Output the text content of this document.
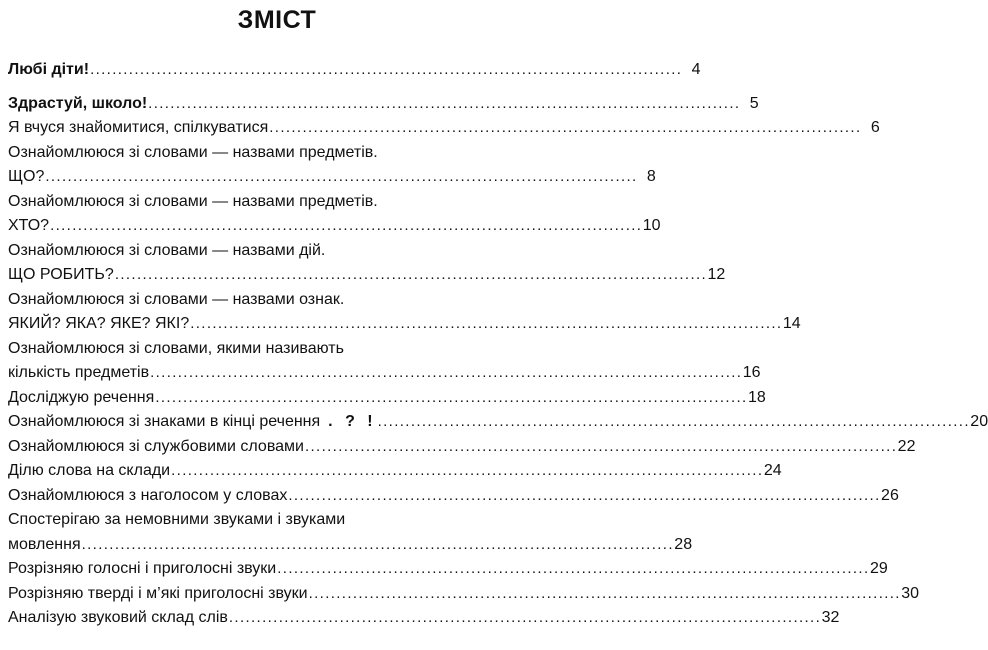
ЗМІСТ
Любі діти! . . .	4
Здрастуй, школо! . . .	5
Я вчуся знайомитися, спілкуватися . . .	6
Ознайомлююся зі словами — назвами предметів.
ЩО? . . .	8
Ознайомлююся зі словами — назвами предметів.
ХТО? . . .	10
Ознайомлююся зі словами — назвами дій.
ЩО РОБИТЬ? . . .	12
Ознайомлююся зі словами — назвами ознак.
ЯКИЙ? ЯКА? ЯКЕ? ЯКІ? . . .	14
Ознайомлююся зі словами, якими називають
кількість предметів . . .	16
Досліджую речення . . .	18
Ознайомлююся зі знаками в кінці речення . ? ! . . .	20
Ознайомлююся зі службовими словами . . .	22
Ділю слова на склади . . .	24
Ознайомлююся з наголосом у словах . . .	26
Спостерігаю за немовними звуками і звуками
мовлення . . .	28
Розрізняю голосні і приголосні звуки . . .	29
Розрізняю тверді і м’які приголосні звуки . . .	30
Аналізую звуковий склад слів . . .	32
